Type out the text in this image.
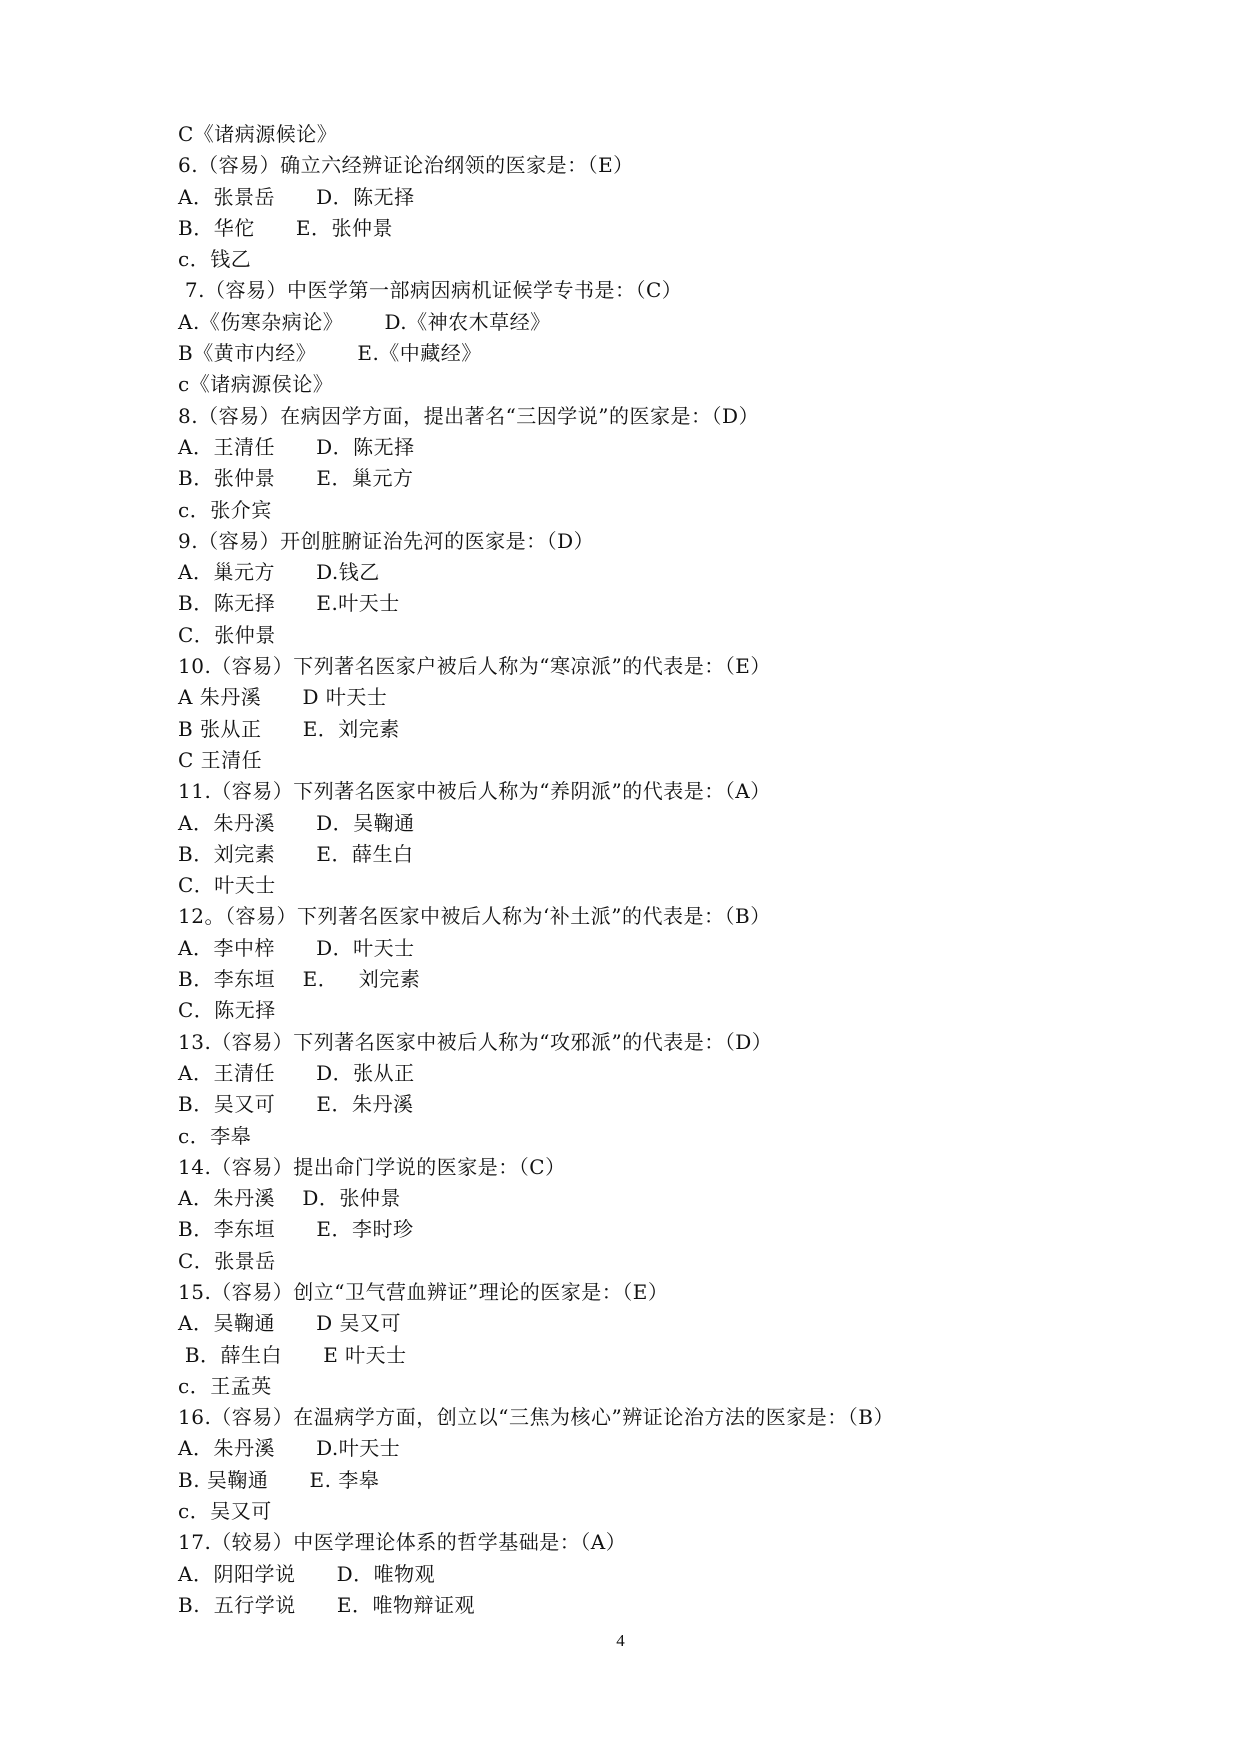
C《诸病源候论》
6.（容易）确立六经辨证论治纲领的医家是：（E）
A．张景岳      D．陈无择
B．华佗      E．张仲景
c．钱乙
7.（容易）中医学第一部病因病机证候学专书是：（C）
A.《伤寒杂病论》      D.《神农木草经》
B《黄市内经》      E.《中藏经》
c《诸病源侯论》
8.（容易）在病因学方面，提出著名“三因学说”的医家是：（D）
A．王清任      D．陈无择
B．张仲景      E．巢元方
c．张介宾
9.（容易）开创脏腑证治先河的医家是：（D）
A．巢元方      D.钱乙
B．陈无择      E.叶天士
C．张仲景
10.（容易）下列著名医家户被后人称为“寒凉派”的代表是：（E）
A 朱丹溪      D 叶天士
B 张从正      E．刘完素
C 王清任
11.（容易）下列著名医家中被后人称为“养阴派”的代表是：（A）
A．朱丹溪      D．吴鞠通
B．刘完素      E．薛生白
C．叶天士
12。（容易）下列著名医家中被后人称为‘补土派”的代表是：（B）
A．李中梓      D．叶天士
B．李东垣    E．   刘完素
C．陈无择
13.（容易）下列著名医家中被后人称为“攻邪派”的代表是：（D）
A．王清任      D．张从正
B．吴又可      E．朱丹溪
c．李皋
14.（容易）提出命门学说的医家是：（C）
A．朱丹溪    D．张仲景
B．李东垣      E．李时珍
C．张景岳
15.（容易）创立“卫气营血辨证”理论的医家是：（E）
A．吴鞠通      D 吴又可
B．薛生白      E 叶天士
c．王孟英
16.（容易）在温病学方面，创立以“三焦为核心”辨证论治方法的医家是：（B）
A．朱丹溪      D.叶天士
B. 吴鞠通      E. 李皋
c．吴又可
17.（较易）中医学理论体系的哲学基础是：（A）
A．阴阳学说      D．唯物观
B.  五行学说      E．唯物辩证观
4
